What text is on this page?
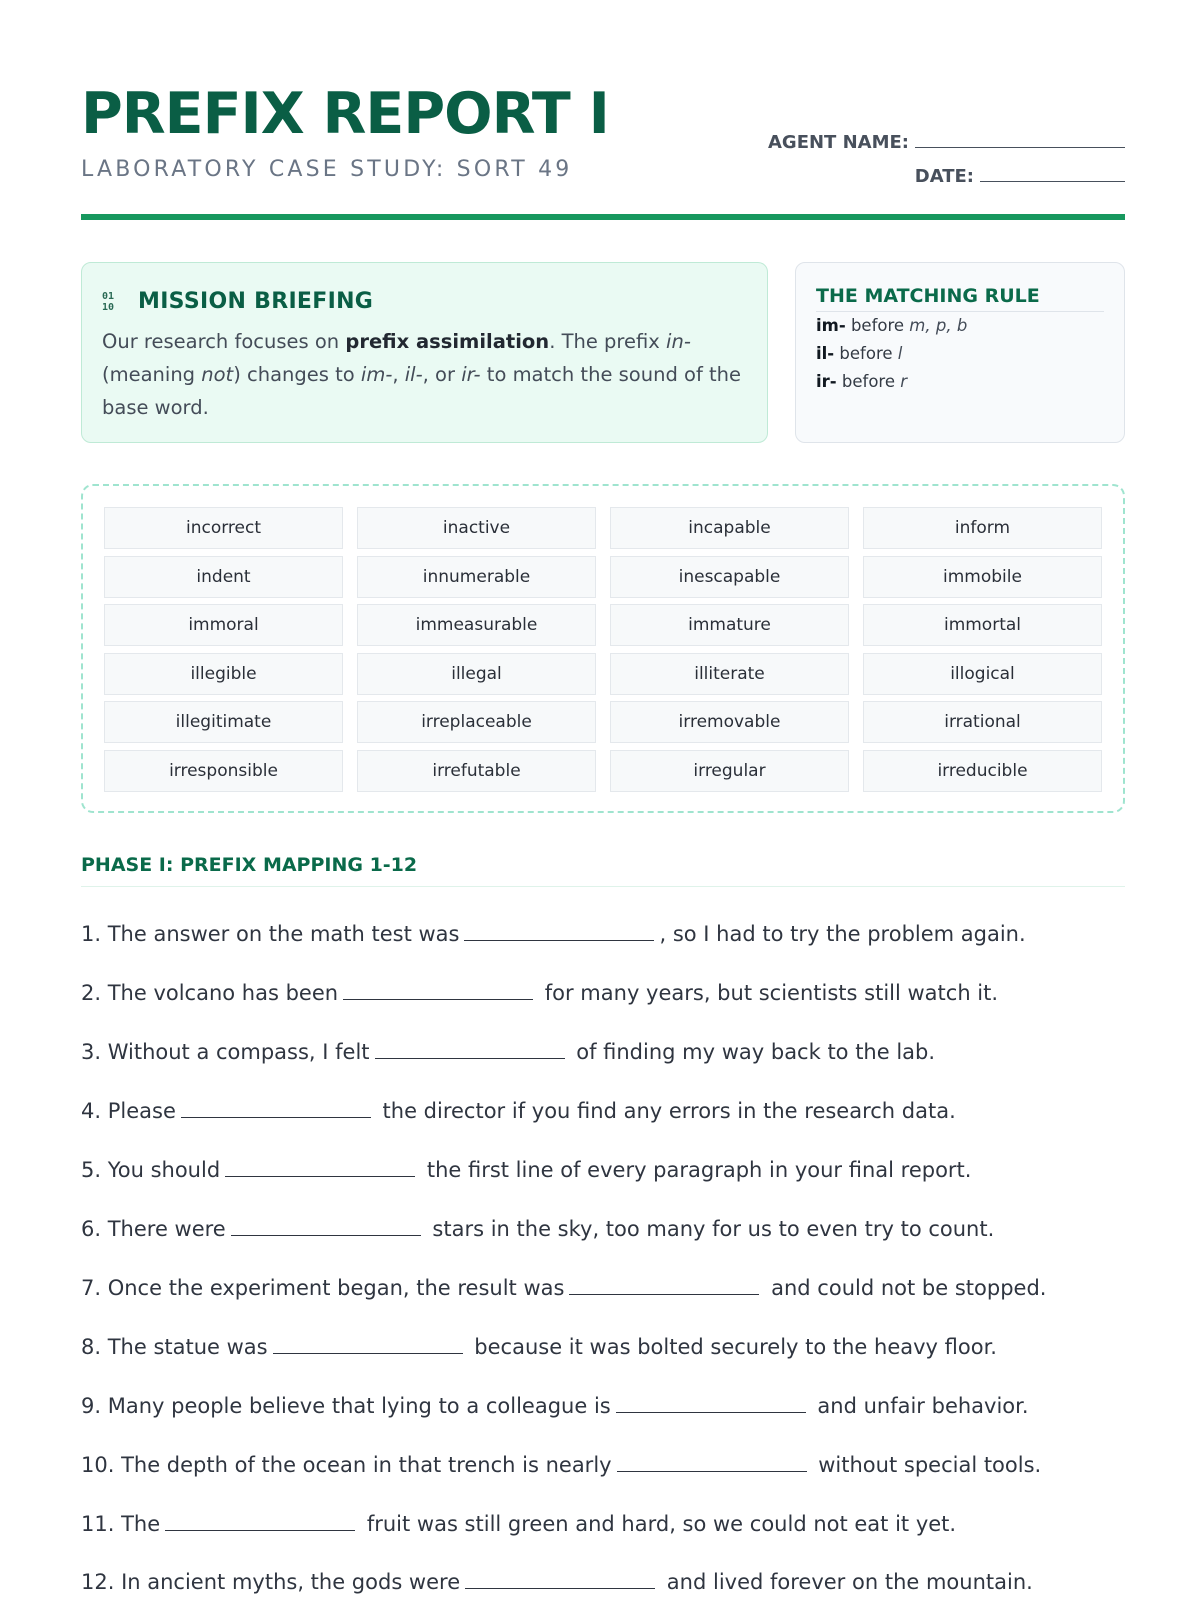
PREFIX REPORT I
LABORATORY CASE STUDY: SORT 49
AGENT NAME:
DATE:
01
10 MISSION BRIEFING
Our research focuses on prefix assimilation. The prefix in- (meaning not) changes to im-, il-, or ir- to match the sound of the base word.
THE MATCHING RULE
im- before m, p, b
il- before l
ir- before r
incorrect	inactive	incapable	inform
indent	innumerable	inescapable	immobile
immoral	immeasurable	immature	immortal
illegible	illegal	illiterate	illogical
illegitimate	irreplaceable	irremovable	irrational
irresponsible	irrefutable	irregular	irreducible
PHASE I: PREFIX MAPPING 1-12
1. The answer on the math test was	, so I had to try the problem again.
2. The volcano has been	for many years, but scientists still watch it.
3. Without a compass, I felt	of finding my way back to the lab.
4. Please	the director if you find any errors in the research data.
5. You should	the first line of every paragraph in your final report.
6. There were	stars in the sky, too many for us to even try to count.
7. Once the experiment began, the result was	and could not be stopped.
8. The statue was	because it was bolted securely to the heavy floor.
9. Many people believe that lying to a colleague is	and unfair behavior.
10. The depth of the ocean in that trench is nearly	without special tools.
11. The	fruit was still green and hard, so we could not eat it yet.
12. In ancient myths, the gods were	and lived forever on the mountain.
